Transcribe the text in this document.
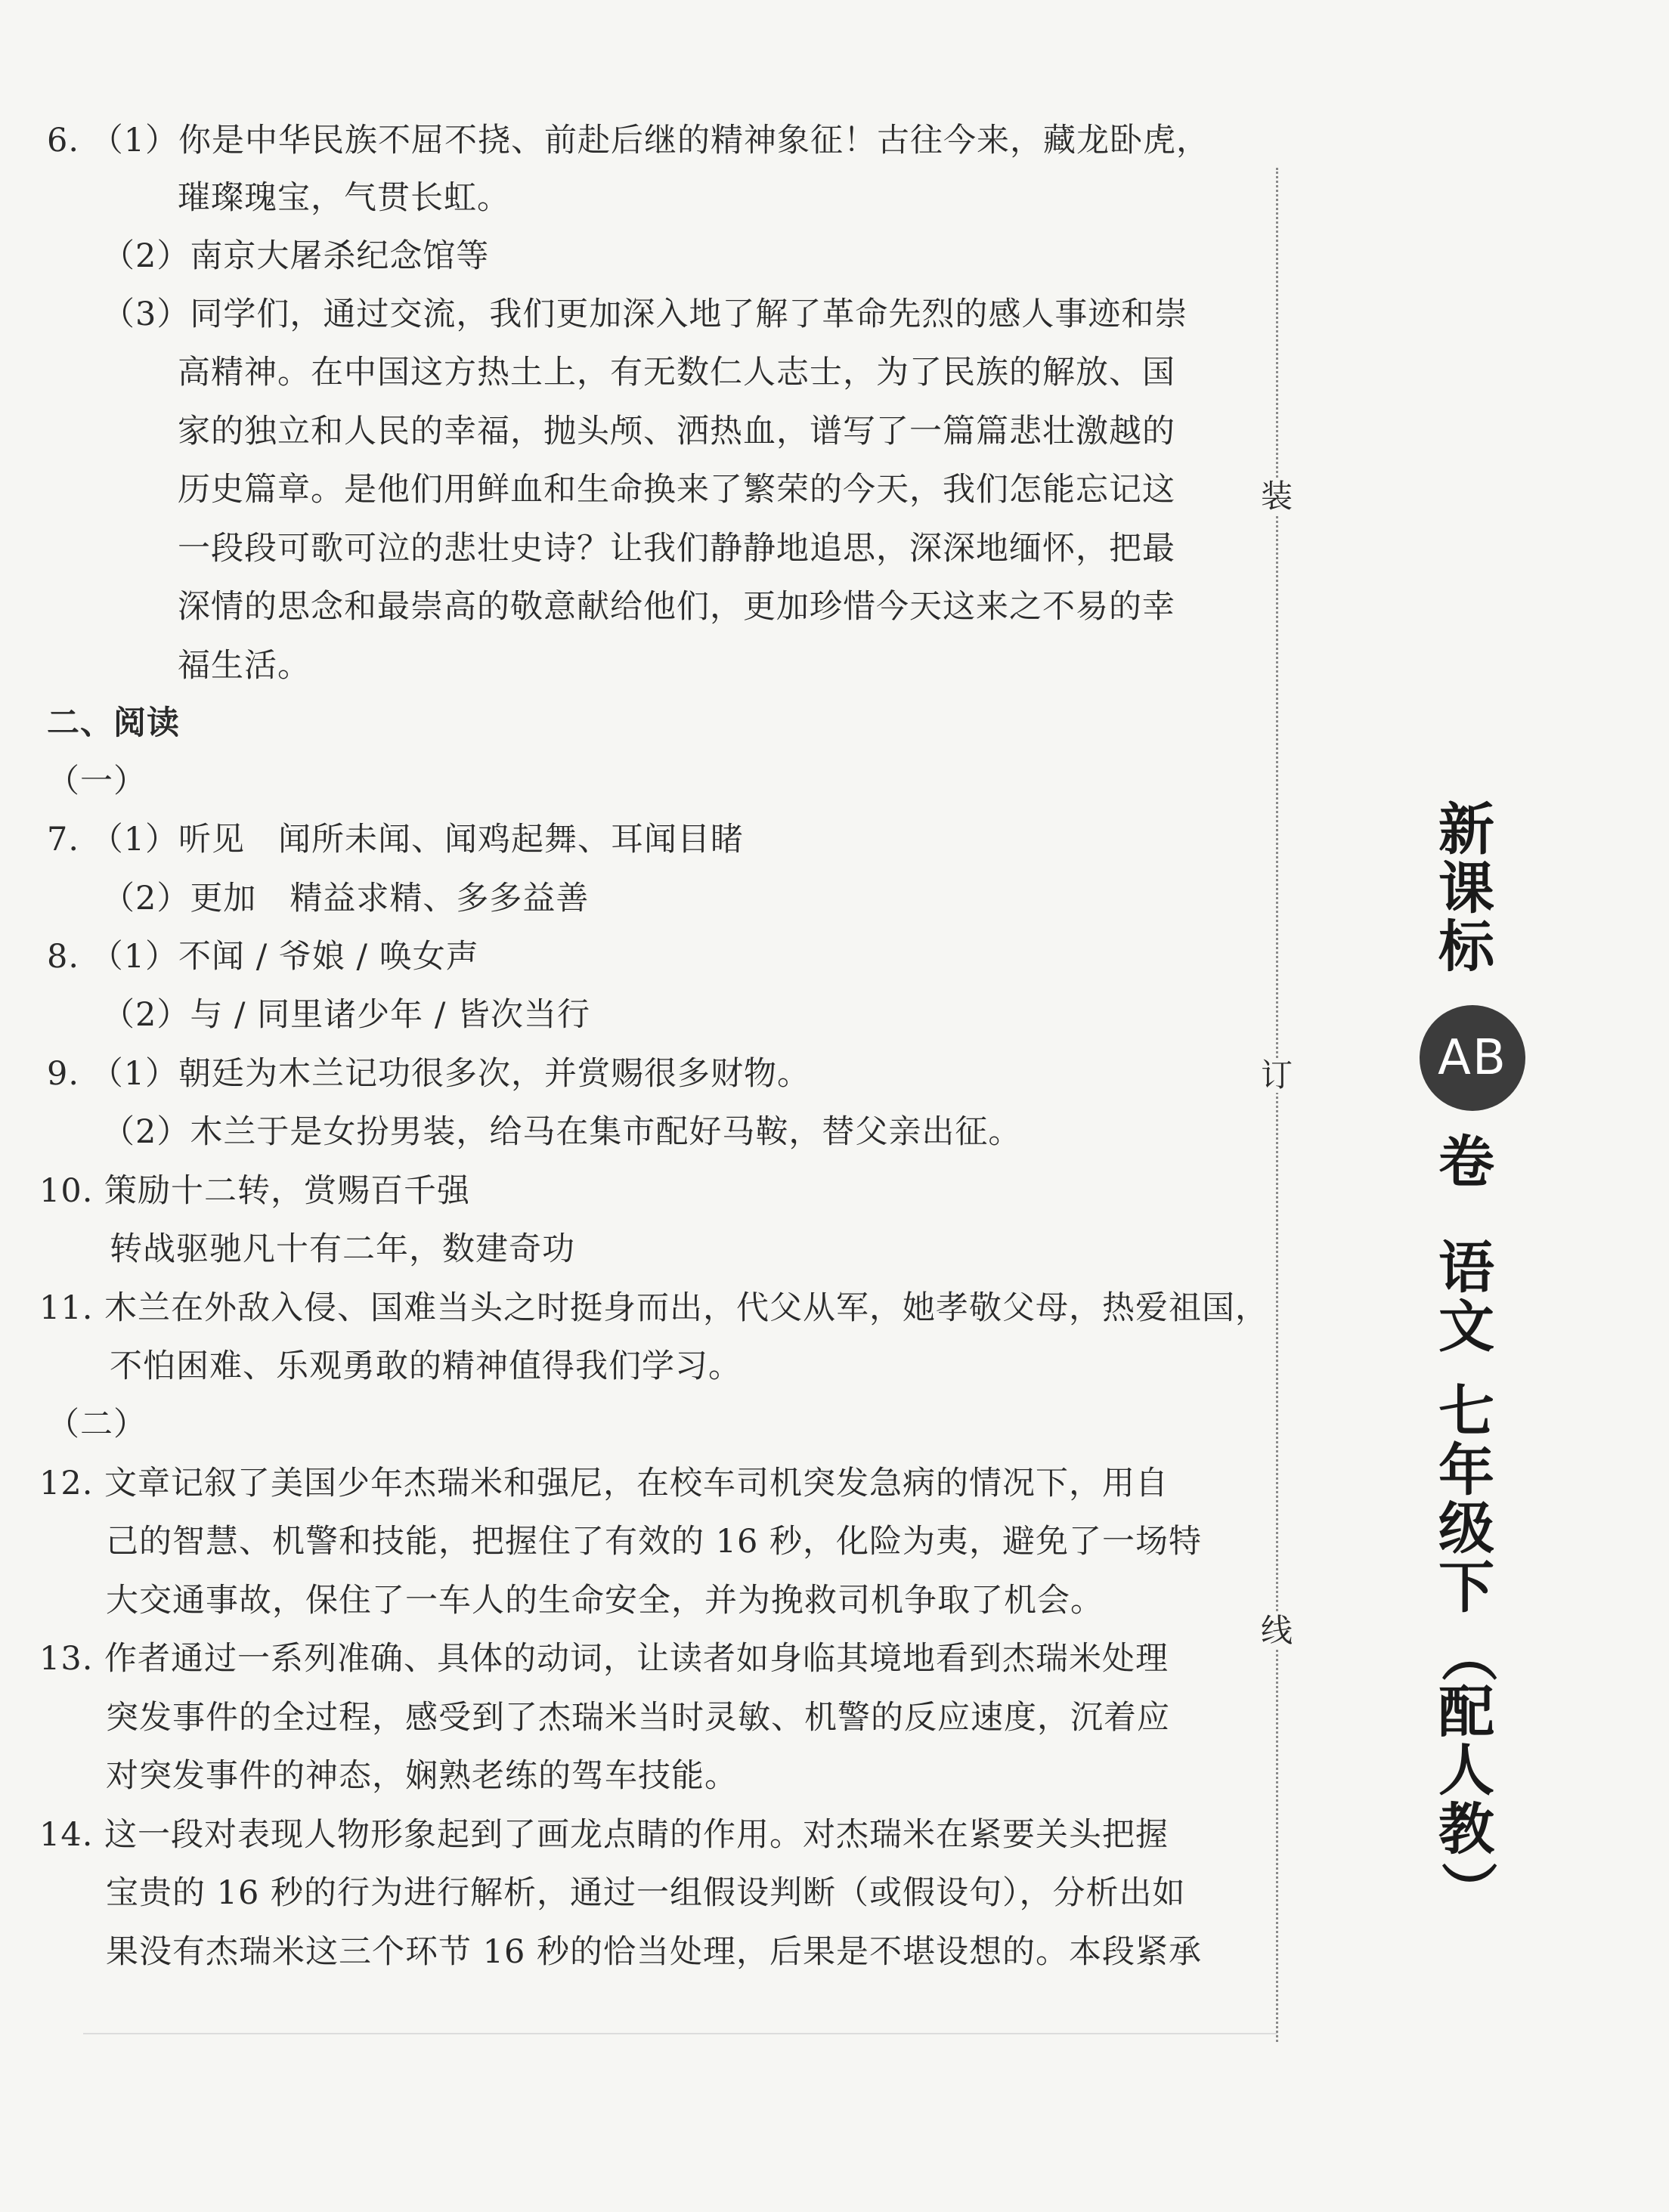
6. （1）你是中华民族不屈不挠、前赴后继的精神象征！古往今来，藏龙卧虎，
璀璨瑰宝，气贯长虹。
（2）南京大屠杀纪念馆等
（3）同学们，通过交流，我们更加深入地了解了革命先烈的感人事迹和崇
高精神。在中国这方热土上，有无数仁人志士，为了民族的解放、国
家的独立和人民的幸福，抛头颅、洒热血，谱写了一篇篇悲壮激越的
历史篇章。是他们用鲜血和生命换来了繁荣的今天，我们怎能忘记这
一段段可歌可泣的悲壮史诗？让我们静静地追思，深深地缅怀，把最
深情的思念和最崇高的敬意献给他们，更加珍惜今天这来之不易的幸
福生活。
二、阅读
（一）
7. （1）听见　闻所未闻、闻鸡起舞、耳闻目睹
（2）更加　精益求精、多多益善
8. （1）不闻 / 爷娘 / 唤女声
（2）与 / 同里诸少年 / 皆次当行
9. （1）朝廷为木兰记功很多次，并赏赐很多财物。
（2）木兰于是女扮男装，给马在集市配好马鞍，替父亲出征。
10. 策励十二转，赏赐百千强
转战驱驰凡十有二年，数建奇功
11. 木兰在外敌入侵、国难当头之时挺身而出，代父从军，她孝敬父母，热爱祖国，
不怕困难、乐观勇敢的精神值得我们学习。
（二）
12. 文章记叙了美国少年杰瑞米和强尼，在校车司机突发急病的情况下，用自
己的智慧、机警和技能，把握住了有效的 16 秒，化险为夷，避免了一场特
大交通事故，保住了一车人的生命安全，并为挽救司机争取了机会。
13. 作者通过一系列准确、具体的动词，让读者如身临其境地看到杰瑞米处理
突发事件的全过程，感受到了杰瑞米当时灵敏、机警的反应速度，沉着应
对突发事件的神态，娴熟老练的驾车技能。
14. 这一段对表现人物形象起到了画龙点睛的作用。对杰瑞米在紧要关头把握
宝贵的 16 秒的行为进行解析，通过一组假设判断（或假设句），分析出如
果没有杰瑞米这三个环节 16 秒的恰当处理，后果是不堪设想的。本段紧承
装
订
线
新
课
标
AB
卷
语
文
七
年
级
下
（
配
人
教
）
